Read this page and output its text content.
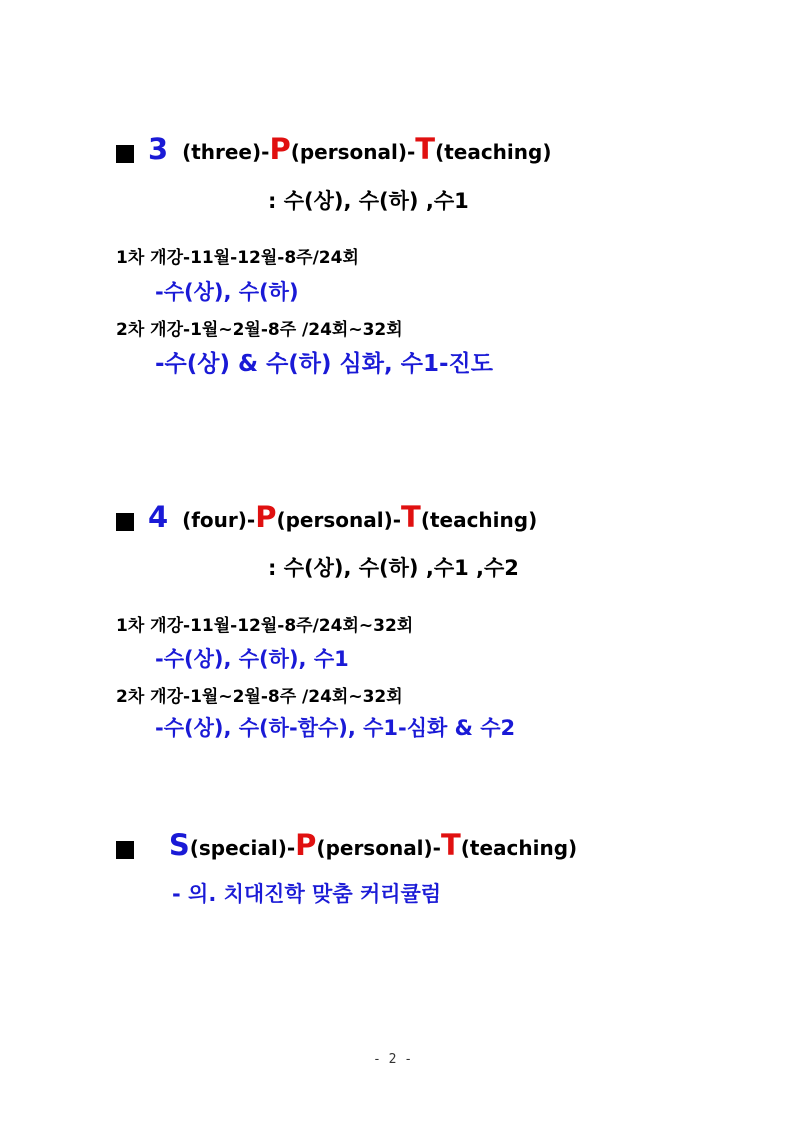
3 (three)-P(personal)-T(teaching)
: 수(상), 수(하) ,수1
1차 개강-11월-12월-8주/24회
-수(상), 수(하)
2차 개강-1월~2월-8주 /24회~32회
-수(상) & 수(하) 심화, 수1-진도
4 (four)-P(personal)-T(teaching)
: 수(상), 수(하) ,수1 ,수2
1차 개강-11월-12월-8주/24회~32회
-수(상), 수(하), 수1
2차 개강-1월~2월-8주 /24회~32회
-수(상), 수(하-함수), 수1-심화 & 수2
S(special)-P(personal)-T(teaching)
- 의. 치대진학 맞춤 커리큘럼
- 2 -
